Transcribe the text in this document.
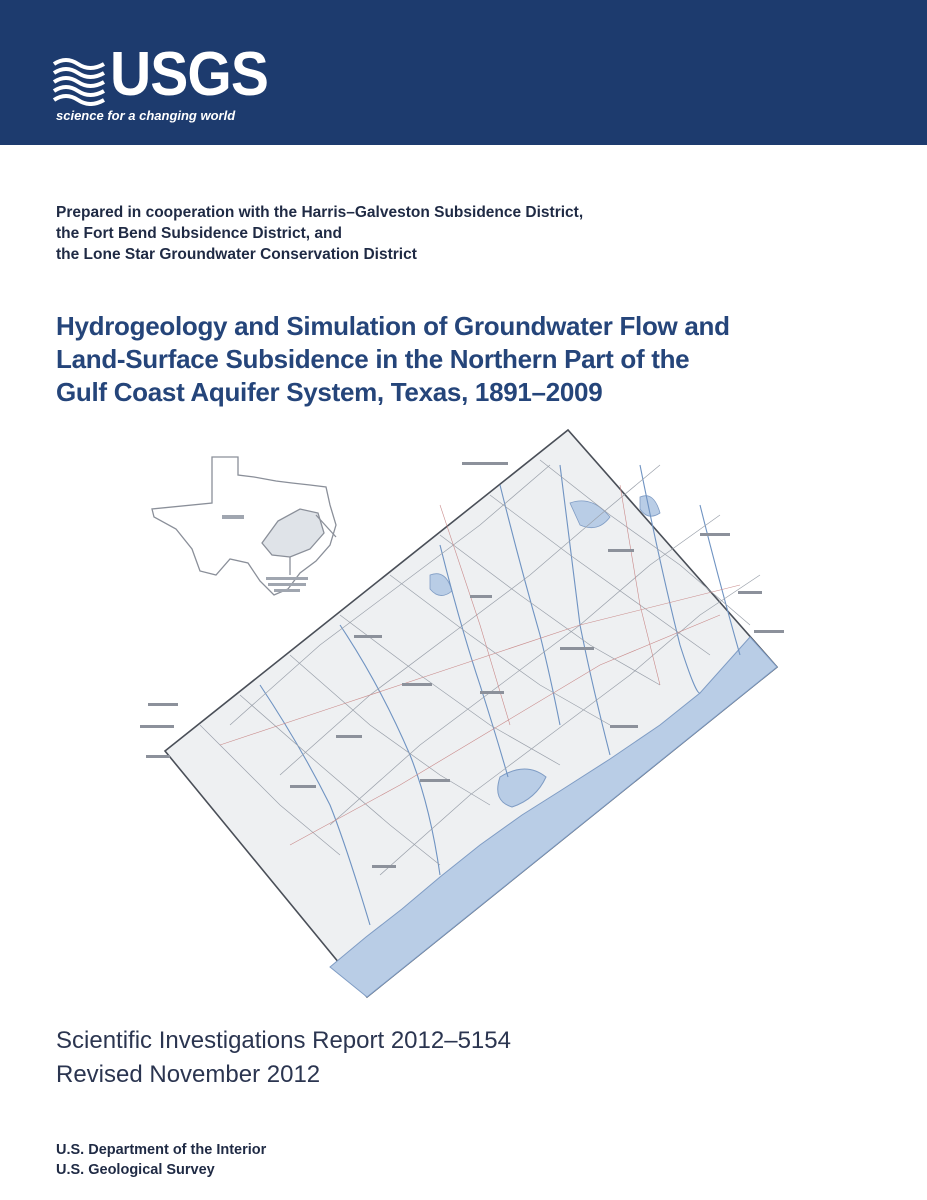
USGS
science for a changing world
Prepared in cooperation with the Harris–Galveston Subsidence District,
the Fort Bend Subsidence District, and
the Lone Star Groundwater Conservation District
Hydrogeology and Simulation of Groundwater Flow and
Land-Surface Subsidence in the Northern Part of the
Gulf Coast Aquifer System, Texas, 1891–2009
Scientific Investigations Report 2012–5154
Revised November 2012
U.S. Department of the Interior
U.S. Geological Survey
